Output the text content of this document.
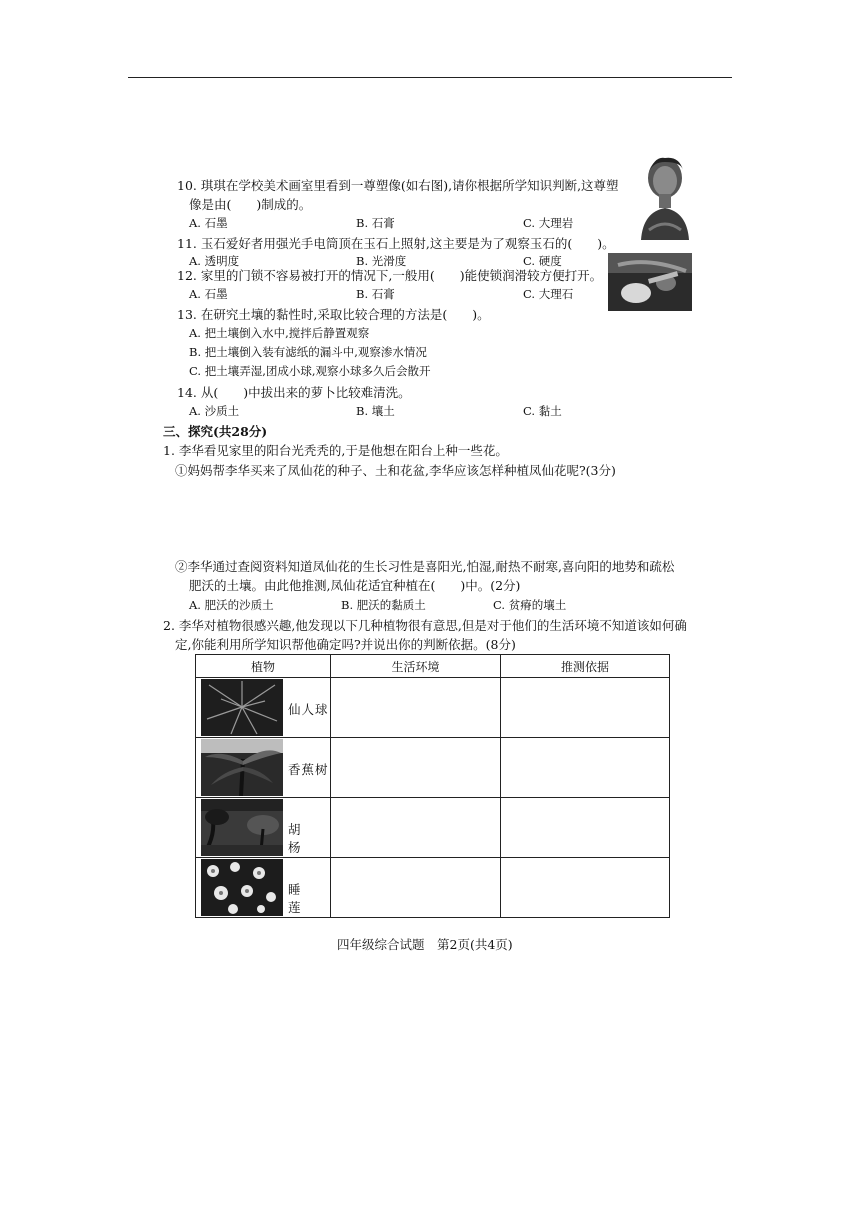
10. 琪琪在学校美术画室里看到一尊塑像(如右图),请你根据所学知识判断,这尊塑
像是由(　　)制成的。
A. 石墨	B. 石膏	C. 大理岩
11. 玉石爱好者用强光手电筒顶在玉石上照射,这主要是为了观察玉石的(　　)。
A. 透明度	B. 光滑度	C. 硬度
12. 家里的门锁不容易被打开的情况下,一般用(　　)能使锁润滑较方便打开。
A. 石墨	B. 石膏	C. 大理石
13. 在研究土壤的黏性时,采取比较合理的方法是(　　)。
A. 把土壤倒入水中,搅拌后静置观察
B. 把土壤倒入装有滤纸的漏斗中,观察渗水情况
C. 把土壤弄湿,团成小球,观察小球多久后会散开
14. 从(　　)中拔出来的萝卜比较难清洗。
A. 沙质土	B. 壤土	C. 黏土
三、探究(共28分)
1. 李华看见家里的阳台光秃秃的,于是他想在阳台上种一些花。
①妈妈帮李华买来了凤仙花的种子、土和花盆,李华应该怎样种植凤仙花呢?(3分)
②李华通过查阅资料知道凤仙花的生长习性是喜阳光,怕湿,耐热不耐寒,喜向阳的地势和疏松
肥沃的土壤。由此他推测,凤仙花适宜种植在(　　)中。(2分)
A. 肥沃的沙质土	B. 肥沃的黏质土	C. 贫瘠的壤土
2. 李华对植物很感兴趣,他发现以下几种植物很有意思,但是对于他们的生活环境不知道该如何确
定,你能利用所学知识帮他确定吗?并说出你的判断依据。(8分)
植物	生活环境	推测依据

仙人球		

香蕉树		

胡　杨		

睡　莲		

四年级综合试题　第2页(共4页)
